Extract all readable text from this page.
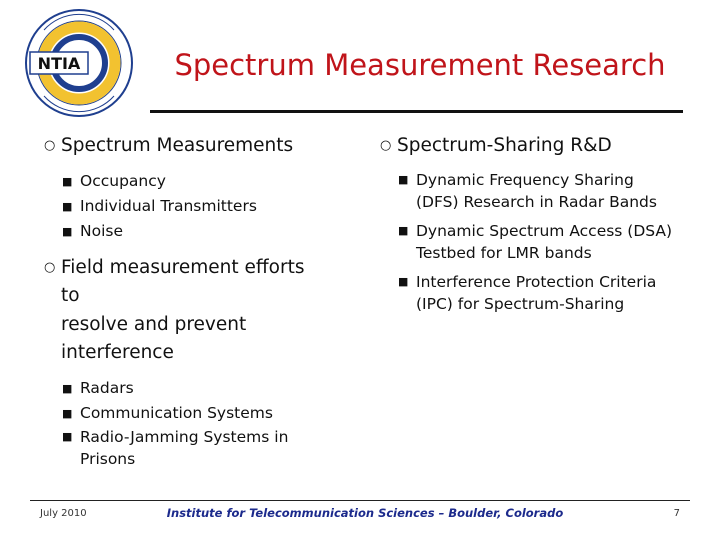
NTIA	Spectrum Measurement Research
○ Spectrum Measurements
■ Occupancy
■ Individual Transmitters
■ Noise
○ Field measurement efforts
to
resolve and prevent
interference
■ Radars
■ Communication Systems
■ Radio-Jamming Systems in
Prisons
○ Spectrum-Sharing R&D
■ Dynamic Frequency Sharing
(DFS) Research in Radar Bands
■ Dynamic Spectrum Access (DSA)
Testbed for LMR bands
■ Interference Protection Criteria
(IPC) for Spectrum-Sharing
July 2010	Institute for Telecommunication Sciences – Boulder, Colorado	7
